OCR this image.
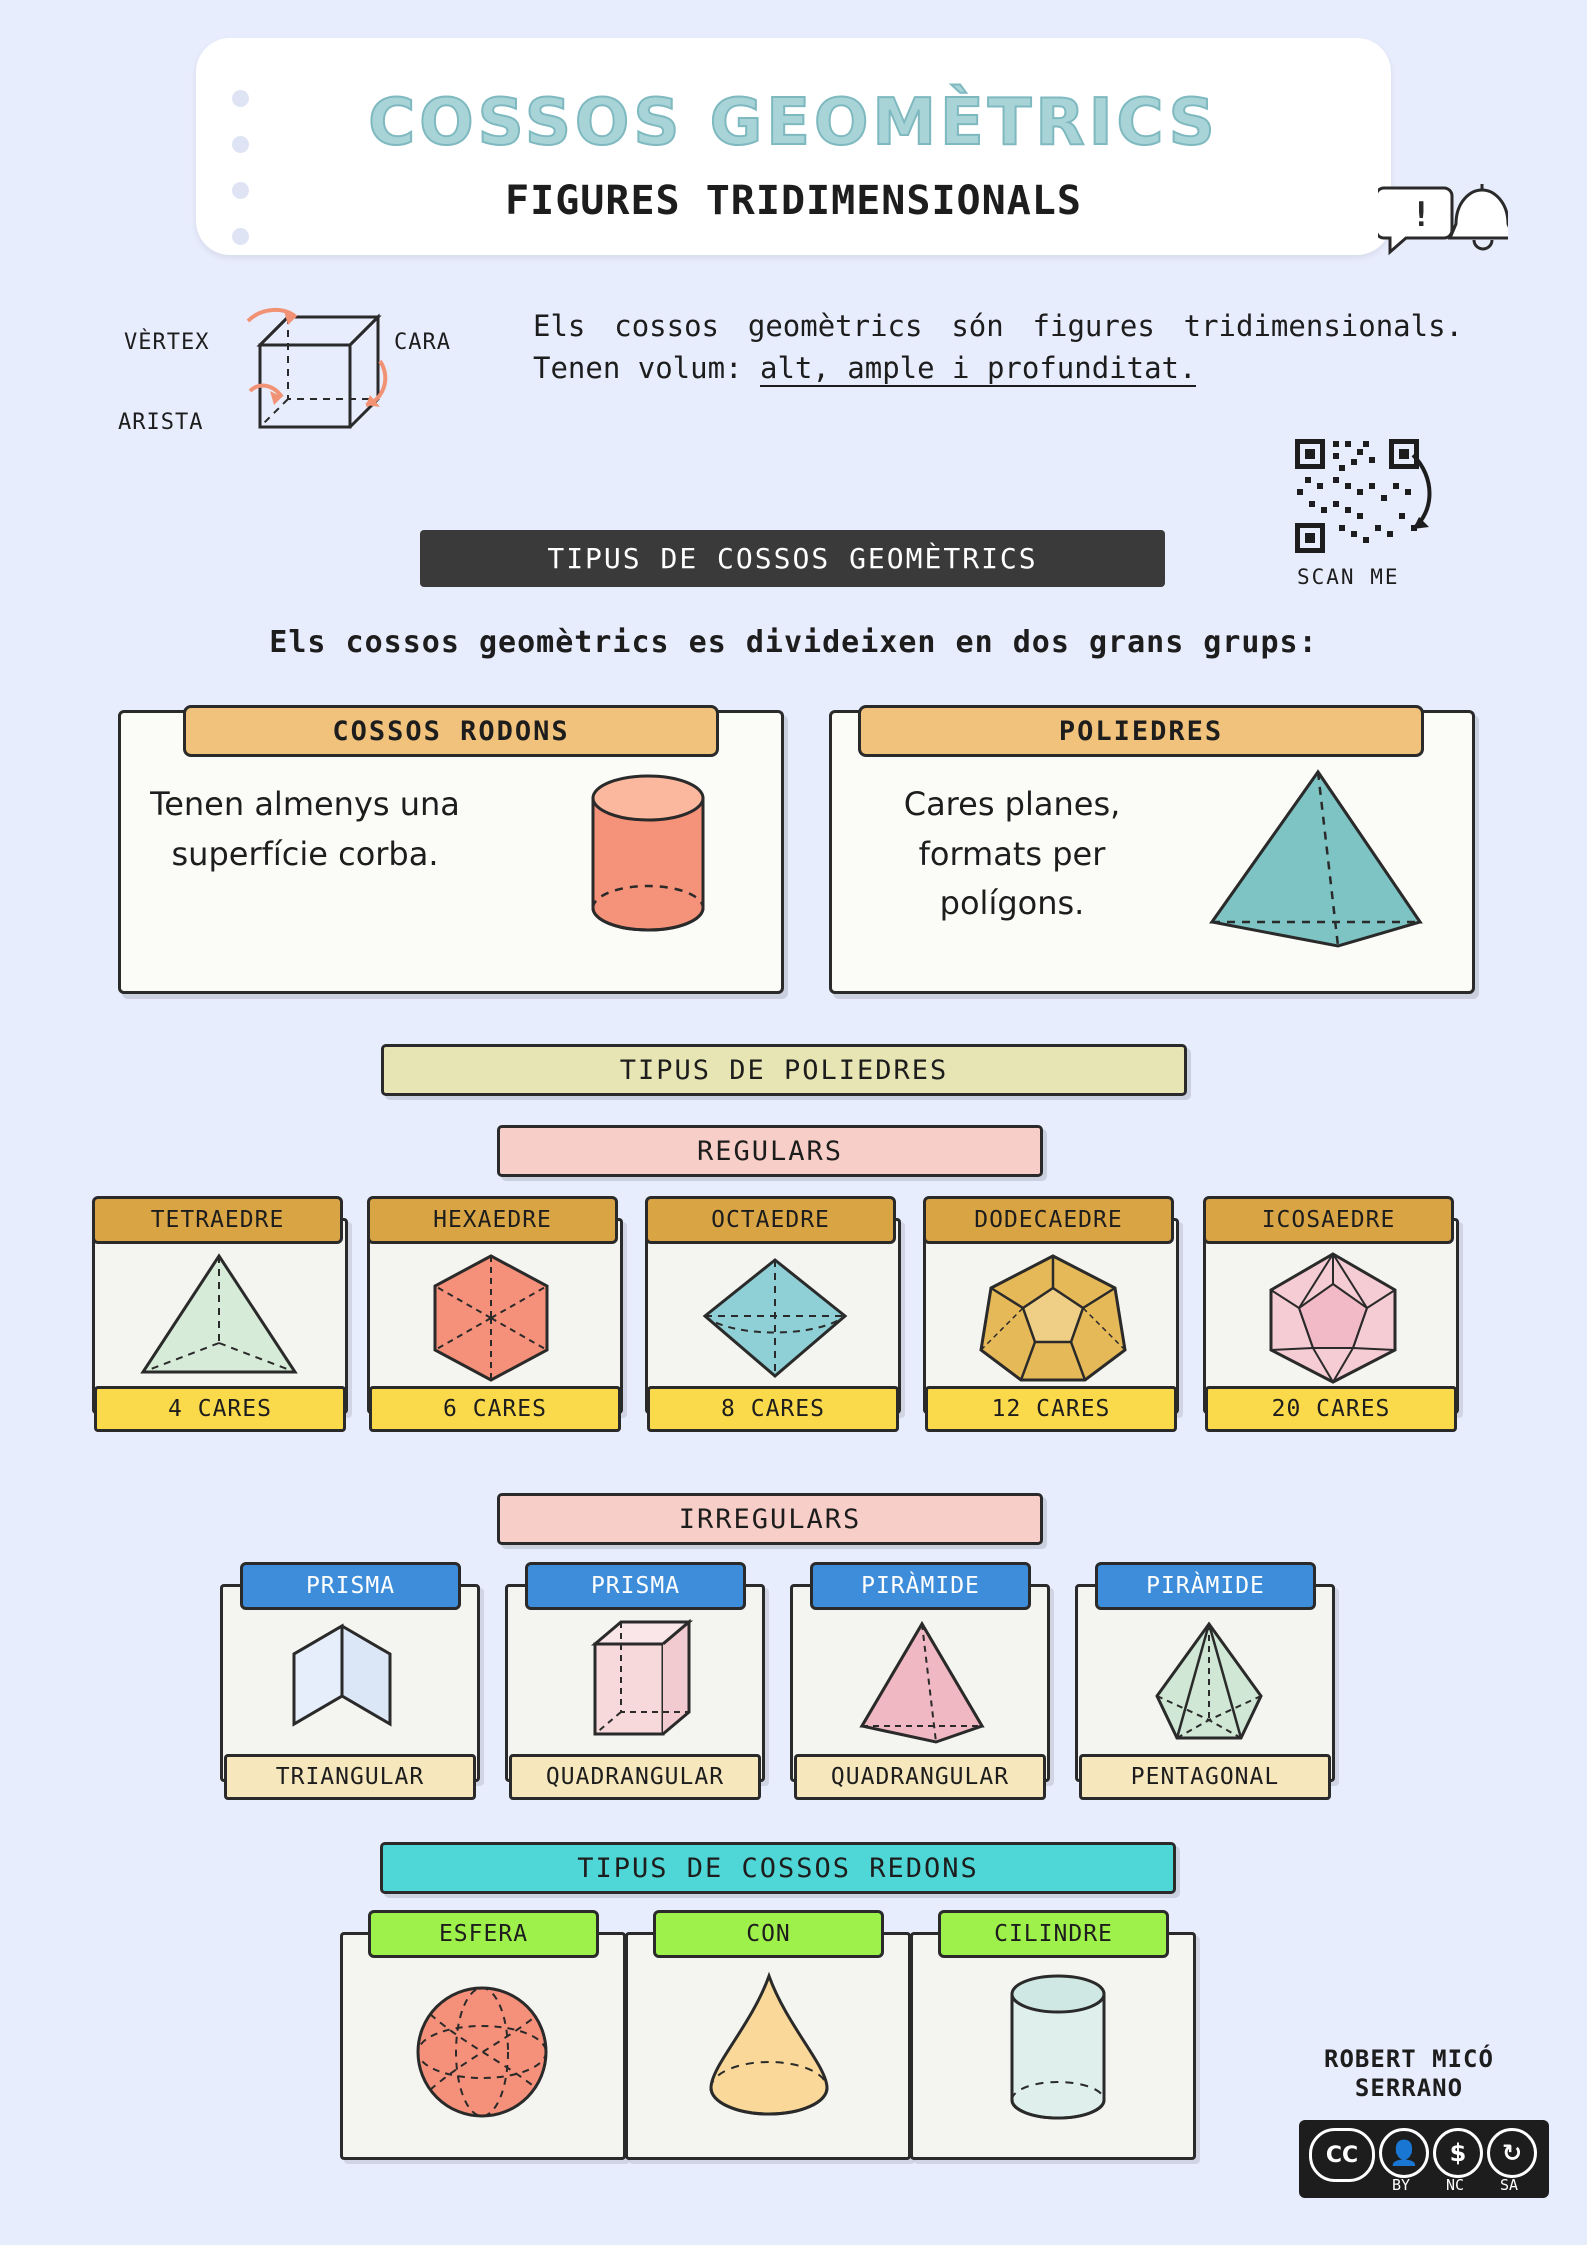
COSSOS GEOMÈTRICS
FIGURES TRIDIMENSIONALS	!
VÈRTEX	CARA
ARISTA
Els cossos geomètrics són figures tridimensionals. Tenen volum: alt, ample i profunditat.
SCAN ME
TIPUS DE COSSOS GEOMÈTRICS
Els cossos geomètrics es divideixen en dos grans grups:
COSSOS RODONS
Tenen almenys una superfície corba.
POLIEDRES
Cares planes, formats per polígons.
TIPUS DE POLIEDRES
REGULARS
TETRAEDRE
4 CARES
HEXAEDRE
6 CARES
OCTAEDRE
8 CARES
DODECAEDRE
12 CARES
ICOSAEDRE
20 CARES
IRREGULARS
PRISMA
TRIANGULAR
PRISMA
QUADRANGULAR
PIRÀMIDE
QUADRANGULAR
PIRÀMIDE
PENTAGONAL
TIPUS DE COSSOS REDONS
ESFERA	CON	CILINDRE
ROBERT MICÓ
SERRANO
CC	👤
BY
$
NC
↻
SA
